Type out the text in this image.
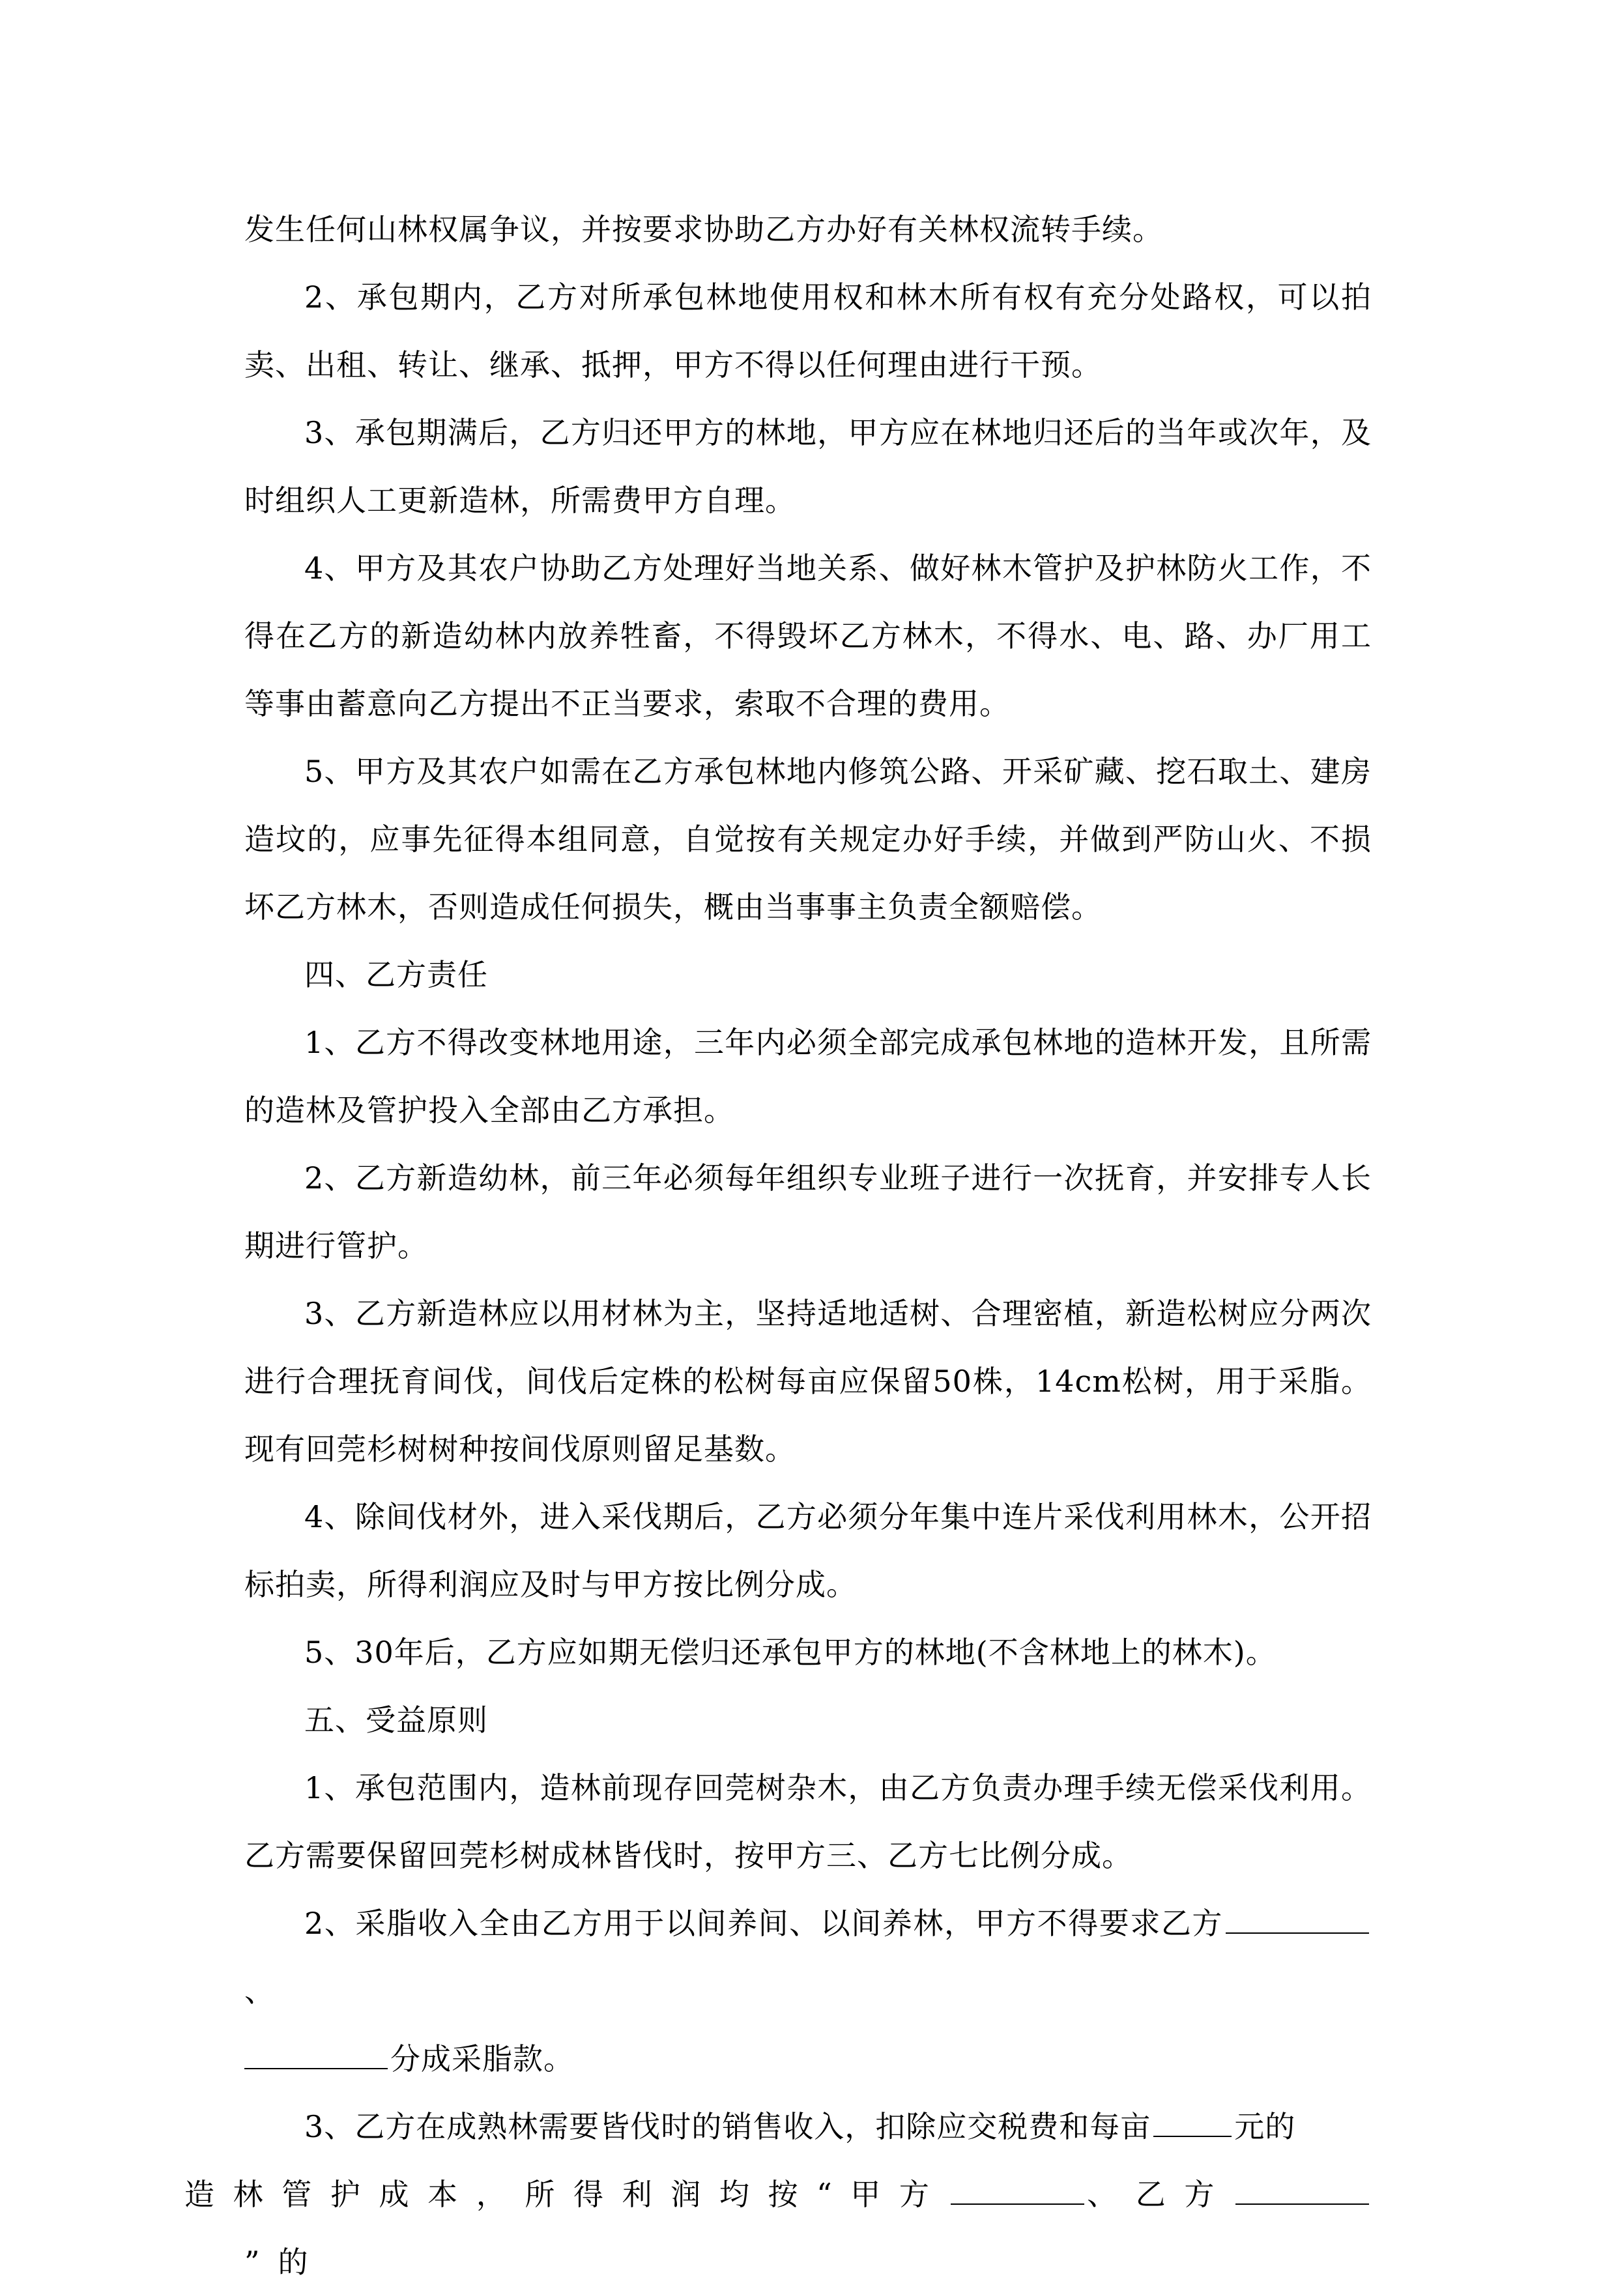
发生任何山林权属争议，并按要求协助乙方办好有关林权流转手续。

2、承包期内，乙方对所承包林地使用权和林木所有权有充分处路权，可以拍卖、出租、转让、继承、抵押，甲方不得以任何理由进行干预。

3、承包期满后，乙方归还甲方的林地，甲方应在林地归还后的当年或次年，及时组织人工更新造林，所需费甲方自理。

4、甲方及其农户协助乙方处理好当地关系、做好林木管护及护林防火工作，不得在乙方的新造幼林内放养牲畜，不得毁坏乙方林木，不得水、电、路、办厂用工等事由蓄意向乙方提出不正当要求，索取不合理的费用。

5、甲方及其农户如需在乙方承包林地内修筑公路、开采矿藏、挖石取土、建房造坟的，应事先征得本组同意，自觉按有关规定办好手续，并做到严防山火、不损坏乙方林木，否则造成任何损失，概由当事事主负责全额赔偿。

四、乙方责任

1、乙方不得改变林地用途，三年内必须全部完成承包林地的造林开发，且所需的造林及管护投入全部由乙方承担。

2、乙方新造幼林，前三年必须每年组织专业班子进行一次抚育，并安排专人长期进行管护。

3、乙方新造林应以用材林为主，坚持适地适树、合理密植，新造松树应分两次进行合理抚育间伐，间伐后定株的松树每亩应保留50株，14cm松树，用于采脂。现有回莞杉树树种按间伐原则留足基数。

4、除间伐材外，进入采伐期后，乙方必须分年集中连片采伐利用林木，公开招标拍卖，所得利润应及时与甲方按比例分成。

5、30年后，乙方应如期无偿归还承包甲方的林地(不含林地上的林木)。

五、受益原则

1、承包范围内，造林前现存回莞树杂木，由乙方负责办理手续无偿采伐利用。乙方需要保留回莞杉树成林皆伐时，按甲方三、乙方七比例分成。

2、采脂收入全由乙方用于以间养间、以间养林，甲方不得要求乙方、
分成采脂款。

3、乙方在成熟林需要皆伐时的销售收入，扣除应交税费和每亩	元的
造林管护成本，所得利润均按“甲方	、乙方”的
